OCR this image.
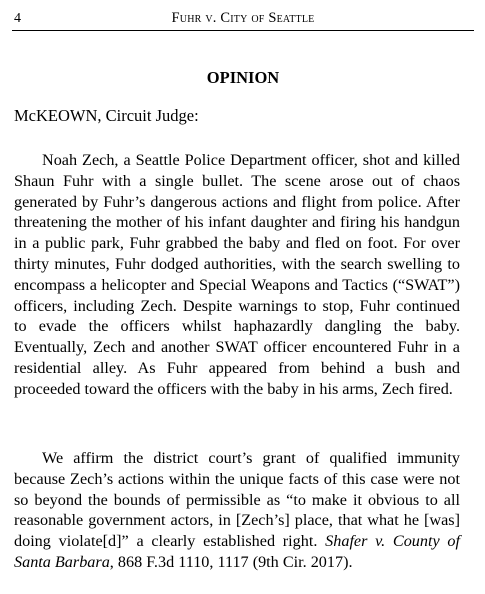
4	Fuhr v. City of Seattle
OPINION
McKEOWN, Circuit Judge:

Noah Zech, a Seattle Police Department officer, shot and killed Shaun Fuhr with a single bullet. The scene arose out of chaos generated by Fuhr’s dangerous actions and flight from police. After threatening the mother of his infant daughter and firing his handgun in a public park, Fuhr grabbed the baby and fled on foot. For over thirty minutes, Fuhr dodged authorities, with the search swelling to encompass a helicopter and Special Weapons and Tactics (“SWAT”) officers, including Zech. Despite warnings to stop, Fuhr continued to evade the officers whilst haphazardly dangling the baby. Eventually, Zech and another SWAT officer encountered Fuhr in a residential alley. As Fuhr appeared from behind a bush and proceeded toward the officers with the baby in his arms, Zech fired.

We affirm the district court’s grant of qualified immunity because Zech’s actions within the unique facts of this case were not so beyond the bounds of permissible as “to make it obvious to all reasonable government actors, in [Zech’s] place, that what he [was] doing violate[d]” a clearly established right. Shafer v. County of Santa Barbara, 868 F.3d 1110, 1117 (9th Cir. 2017).
